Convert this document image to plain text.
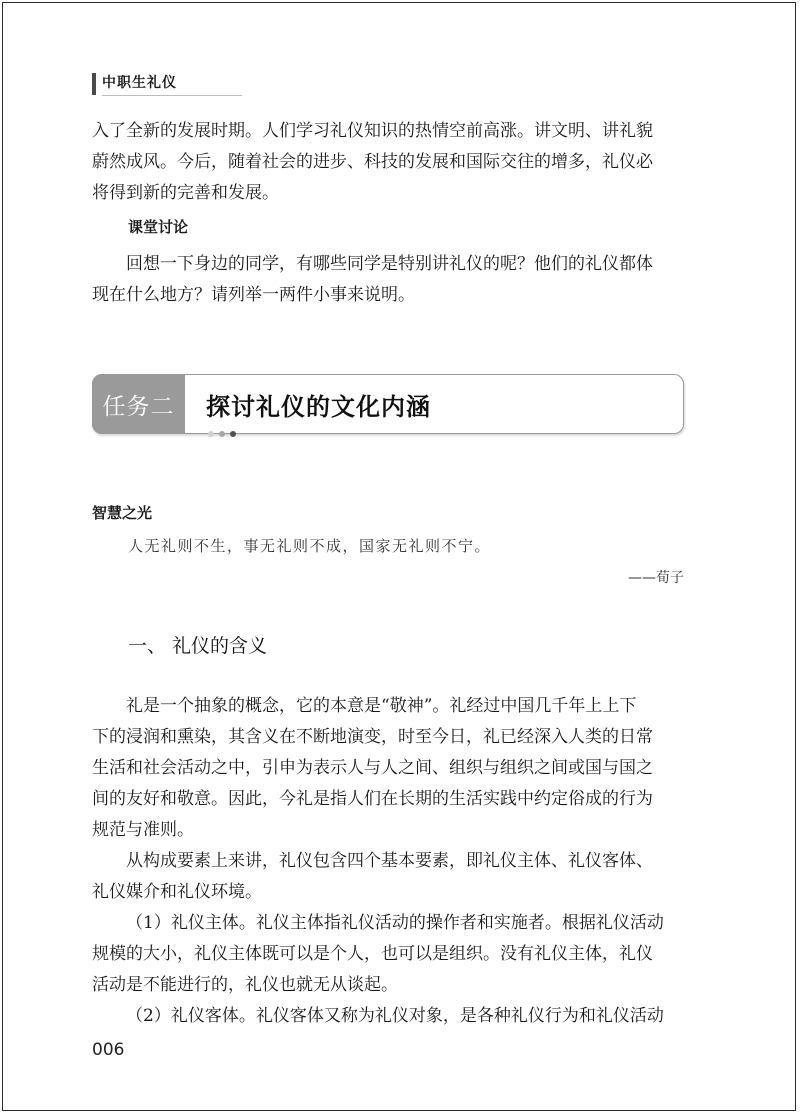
中职生礼仪

入了全新的发展时期。人们学习礼仪知识的热情空前高涨。讲文明、讲礼貌

蔚然成风。今后，随着社会的进步、科技的发展和国际交往的增多，礼仪必

将得到新的完善和发展。

课堂讨论

回想一下身边的同学，有哪些同学是特别讲礼仪的呢？他们的礼仪都体

现在什么地方？请列举一两件小事来说明。

任务二 探讨礼仪的文化内涵
智慧之光
人无礼则不生，事无礼则不成，国家无礼则不宁。
——荀子
一、 礼仪的含义

礼是一个抽象的概念，它的本意是“敬神”。礼经过中国几千年上上下

下的浸润和熏染，其含义在不断地演变，时至今日，礼已经深入人类的日常

生活和社会活动之中，引申为表示人与人之间、组织与组织之间或国与国之

间的友好和敬意。因此，今礼是指人们在长期的生活实践中约定俗成的行为

规范与准则。

从构成要素上来讲，礼仪包含四个基本要素，即礼仪主体、礼仪客体、

礼仪媒介和礼仪环境。

（1）礼仪主体。礼仪主体指礼仪活动的操作者和实施者。根据礼仪活动

规模的大小，礼仪主体既可以是个人，也可以是组织。没有礼仪主体，礼仪

活动是不能进行的，礼仪也就无从谈起。

（2）礼仪客体。礼仪客体又称为礼仪对象，是各种礼仪行为和礼仪活动

006
